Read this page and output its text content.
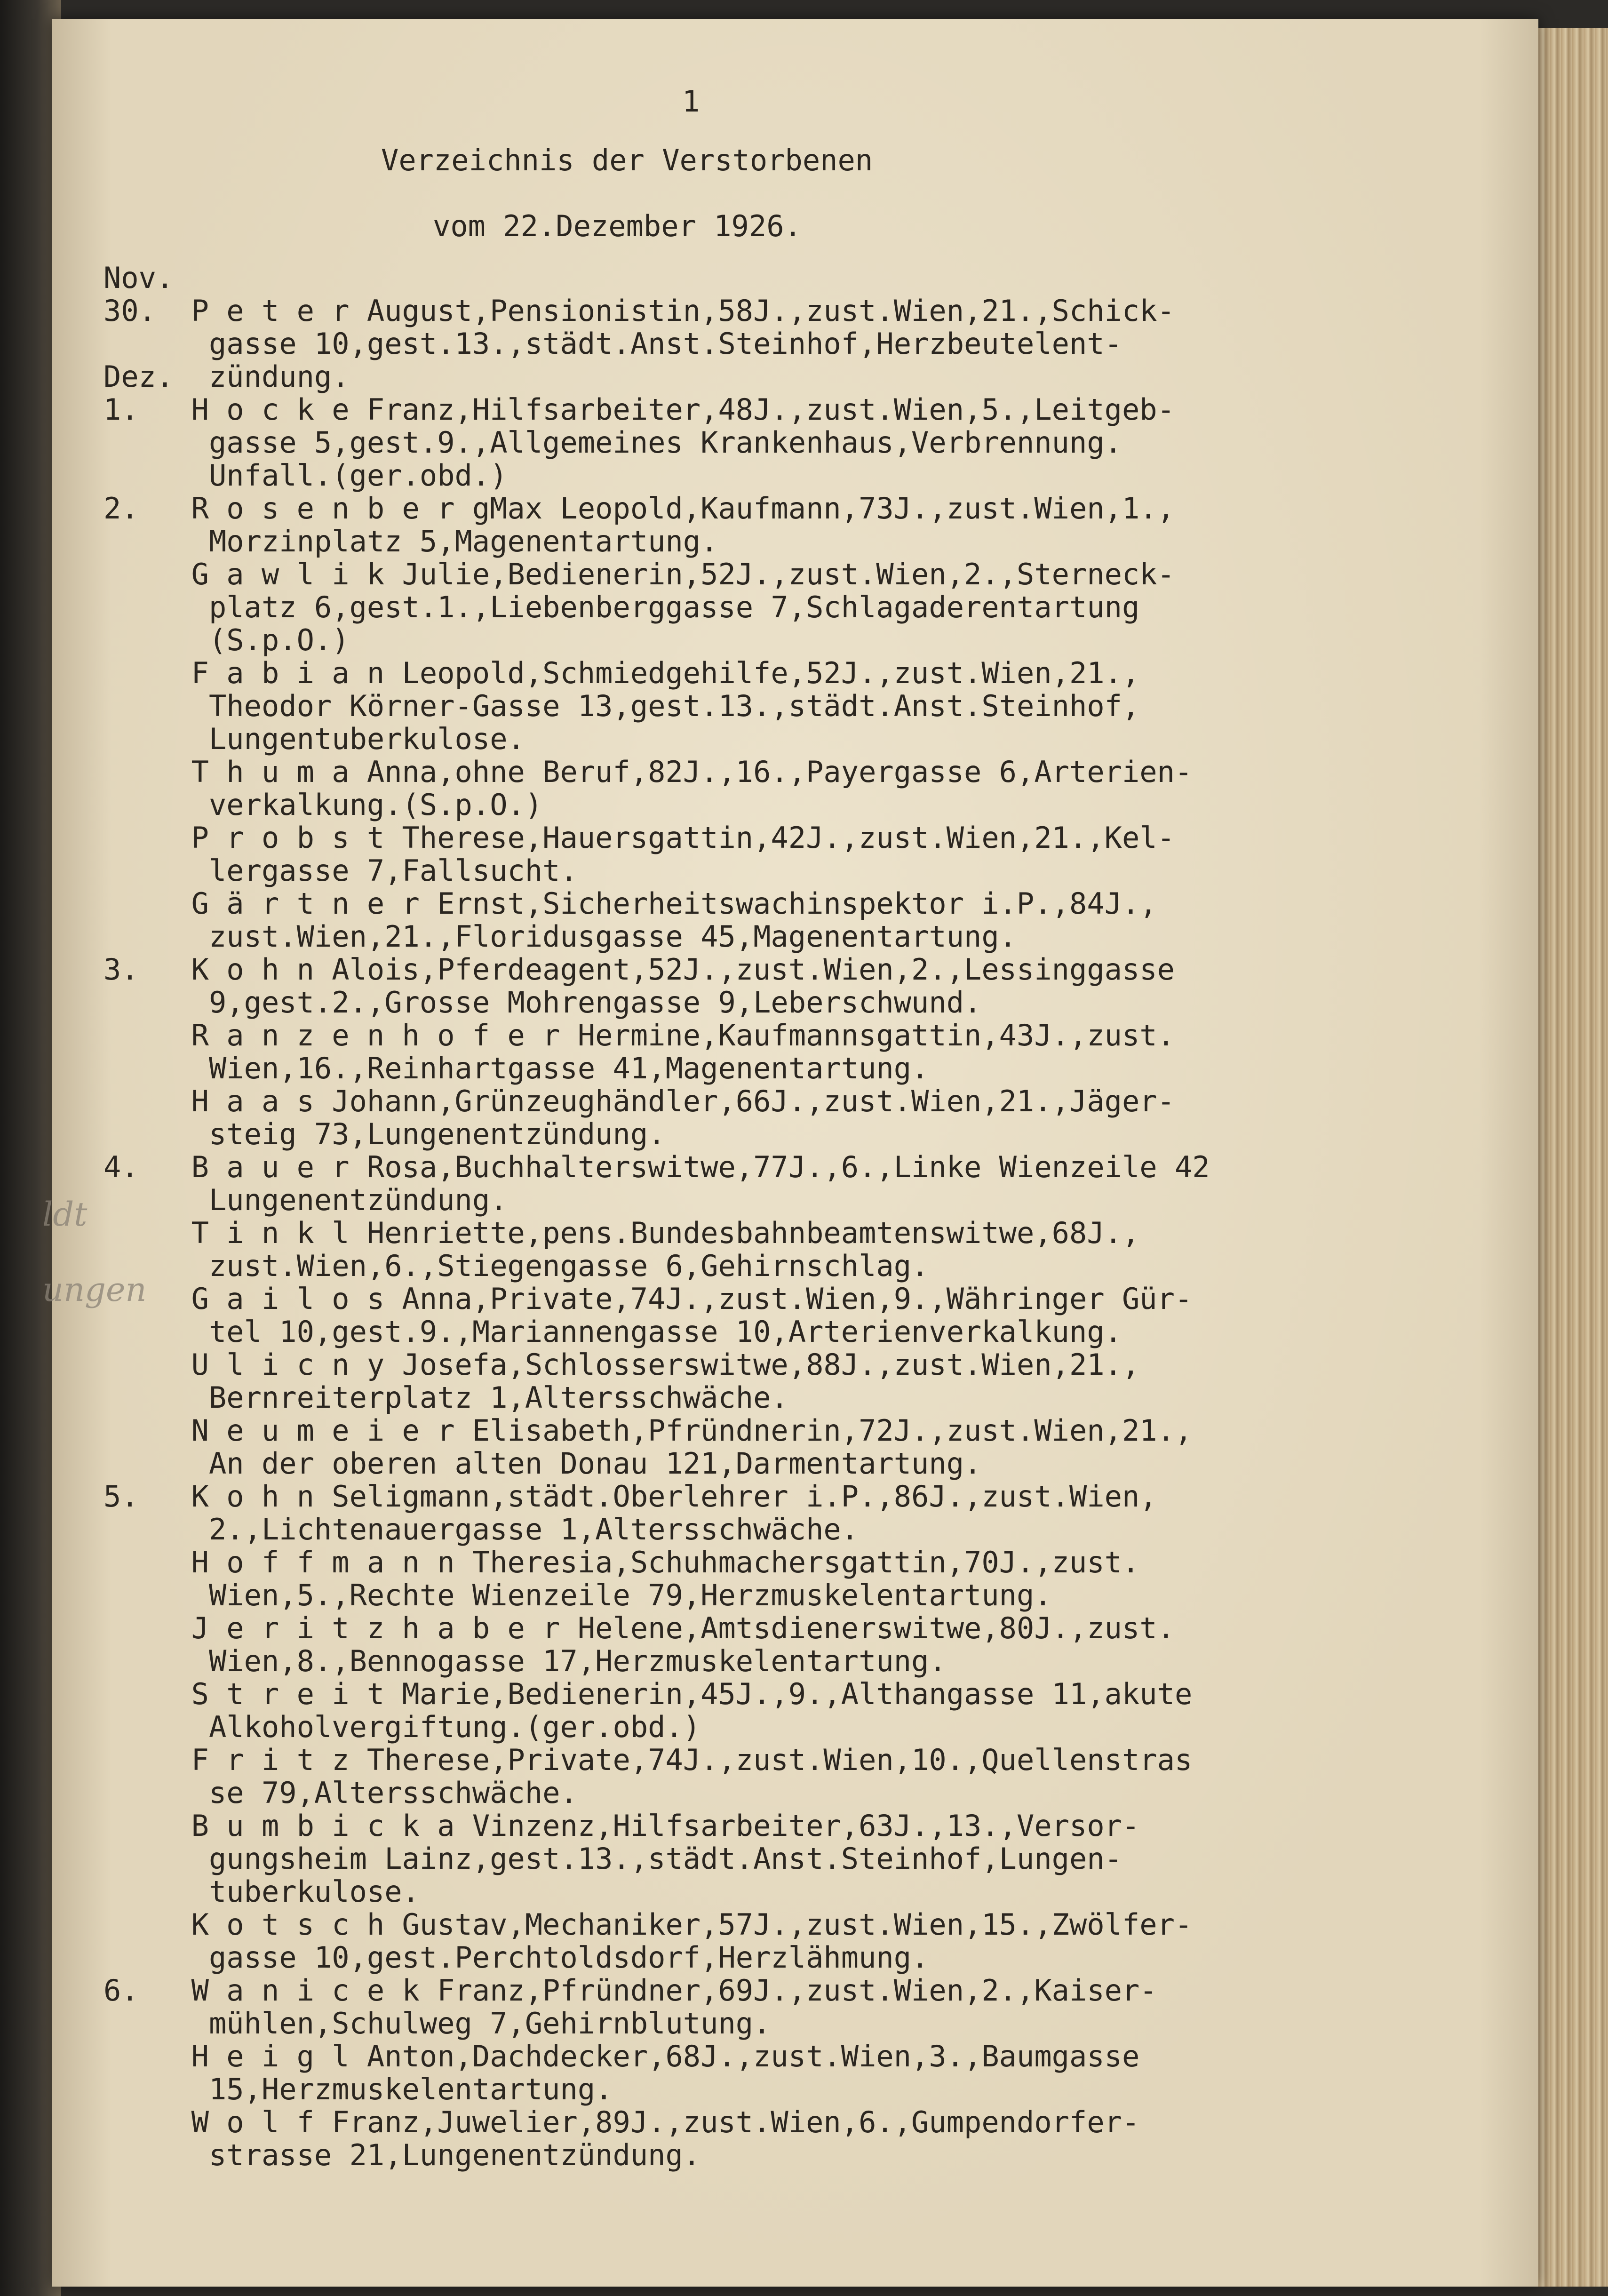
1
Verzeichnis der Verstorbenen
vom 22.Dezember 1926.
ldt
ungen
Nov.
30.  P e t e r August,Pensionistin,58J.,zust.Wien,21.,Schick-
gasse 10,gest.13.,städt.Anst.Steinhof,Herzbeutelent-
Dez.  zündung.
1.   H o c k e Franz,Hilfsarbeiter,48J.,zust.Wien,5.,Leitgeb-
gasse 5,gest.9.,Allgemeines Krankenhaus,Verbrennung.
Unfall.(ger.obd.)
2.   R o s e n b e r gMax Leopold,Kaufmann,73J.,zust.Wien,1.,
Morzinplatz 5,Magenentartung.
G a w l i k Julie,Bedienerin,52J.,zust.Wien,2.,Sterneck-
platz 6,gest.1.,Liebenberggasse 7,Schlagaderentartung
(S.p.O.)
F a b i a n Leopold,Schmiedgehilfe,52J.,zust.Wien,21.,
Theodor Körner-Gasse 13,gest.13.,städt.Anst.Steinhof,
Lungentuberkulose.
T h u m a Anna,ohne Beruf,82J.,16.,Payergasse 6,Arterien-
verkalkung.(S.p.O.)
P r o b s t Therese,Hauersgattin,42J.,zust.Wien,21.,Kel-
lergasse 7,Fallsucht.
G ä r t n e r Ernst,Sicherheitswachinspektor i.P.,84J.,
zust.Wien,21.,Floridusgasse 45,Magenentartung.
3.   K o h n Alois,Pferdeagent,52J.,zust.Wien,2.,Lessinggasse
9,gest.2.,Grosse Mohrengasse 9,Leberschwund.
R a n z e n h o f e r Hermine,Kaufmannsgattin,43J.,zust.
Wien,16.,Reinhartgasse 41,Magenentartung.
H a a s Johann,Grünzeughändler,66J.,zust.Wien,21.,Jäger-
steig 73,Lungenentzündung.
4.   B a u e r Rosa,Buchhalterswitwe,77J.,6.,Linke Wienzeile 42
Lungenentzündung.
T i n k l Henriette,pens.Bundesbahnbeamtenswitwe,68J.,
zust.Wien,6.,Stiegengasse 6,Gehirnschlag.
G a i l o s Anna,Private,74J.,zust.Wien,9.,Währinger Gür-
tel 10,gest.9.,Mariannengasse 10,Arterienverkalkung.
U l i c n y Josefa,Schlosserswitwe,88J.,zust.Wien,21.,
Bernreiterplatz 1,Altersschwäche.
N e u m e i e r Elisabeth,Pfründnerin,72J.,zust.Wien,21.,
An der oberen alten Donau 121,Darmentartung.
5.   K o h n Seligmann,städt.Oberlehrer i.P.,86J.,zust.Wien,
2.,Lichtenauergasse 1,Altersschwäche.
H o f f m a n n Theresia,Schuhmachersgattin,70J.,zust.
Wien,5.,Rechte Wienzeile 79,Herzmuskelentartung.
J e r i t z h a b e r Helene,Amtsdienerswitwe,80J.,zust.
Wien,8.,Bennogasse 17,Herzmuskelentartung.
S t r e i t Marie,Bedienerin,45J.,9.,Althangasse 11,akute
Alkoholvergiftung.(ger.obd.)
F r i t z Therese,Private,74J.,zust.Wien,10.,Quellenstras
se 79,Altersschwäche.
B u m b i c k a Vinzenz,Hilfsarbeiter,63J.,13.,Versor-
gungsheim Lainz,gest.13.,städt.Anst.Steinhof,Lungen-
tuberkulose.
K o t s c h Gustav,Mechaniker,57J.,zust.Wien,15.,Zwölfer-
gasse 10,gest.Perchtoldsdorf,Herzlähmung.
6.   W a n i c e k Franz,Pfründner,69J.,zust.Wien,2.,Kaiser-
mühlen,Schulweg 7,Gehirnblutung.
H e i g l Anton,Dachdecker,68J.,zust.Wien,3.,Baumgasse
15,Herzmuskelentartung.
W o l f Franz,Juwelier,89J.,zust.Wien,6.,Gumpendorfer-
strasse 21,Lungenentzündung.
